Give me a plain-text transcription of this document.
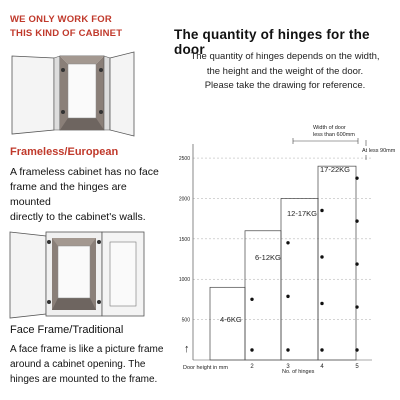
WE ONLY WORK FOR
THIS KIND OF CABINET
Frameless/European
A frameless cabinet has no face
frame and the hinges are mounted
directly to the cabinet's walls.
Face Frame/Traditional
A face frame is like a picture frame
around a cabinet opening. The
hinges are mounted to the frame.
The quantity of hinges for the door
The quantity of hinges depends on the width,
the height and the weight of the door.
Please take the drawing for reference.
4-6KG
6-12KG
12-17KG
17-22KG
500
1000
1500
2000
2500
2	3	4	5
Width of door
less than 600mm
At less 90mm
Door height in mm
No. of hinges
↑
